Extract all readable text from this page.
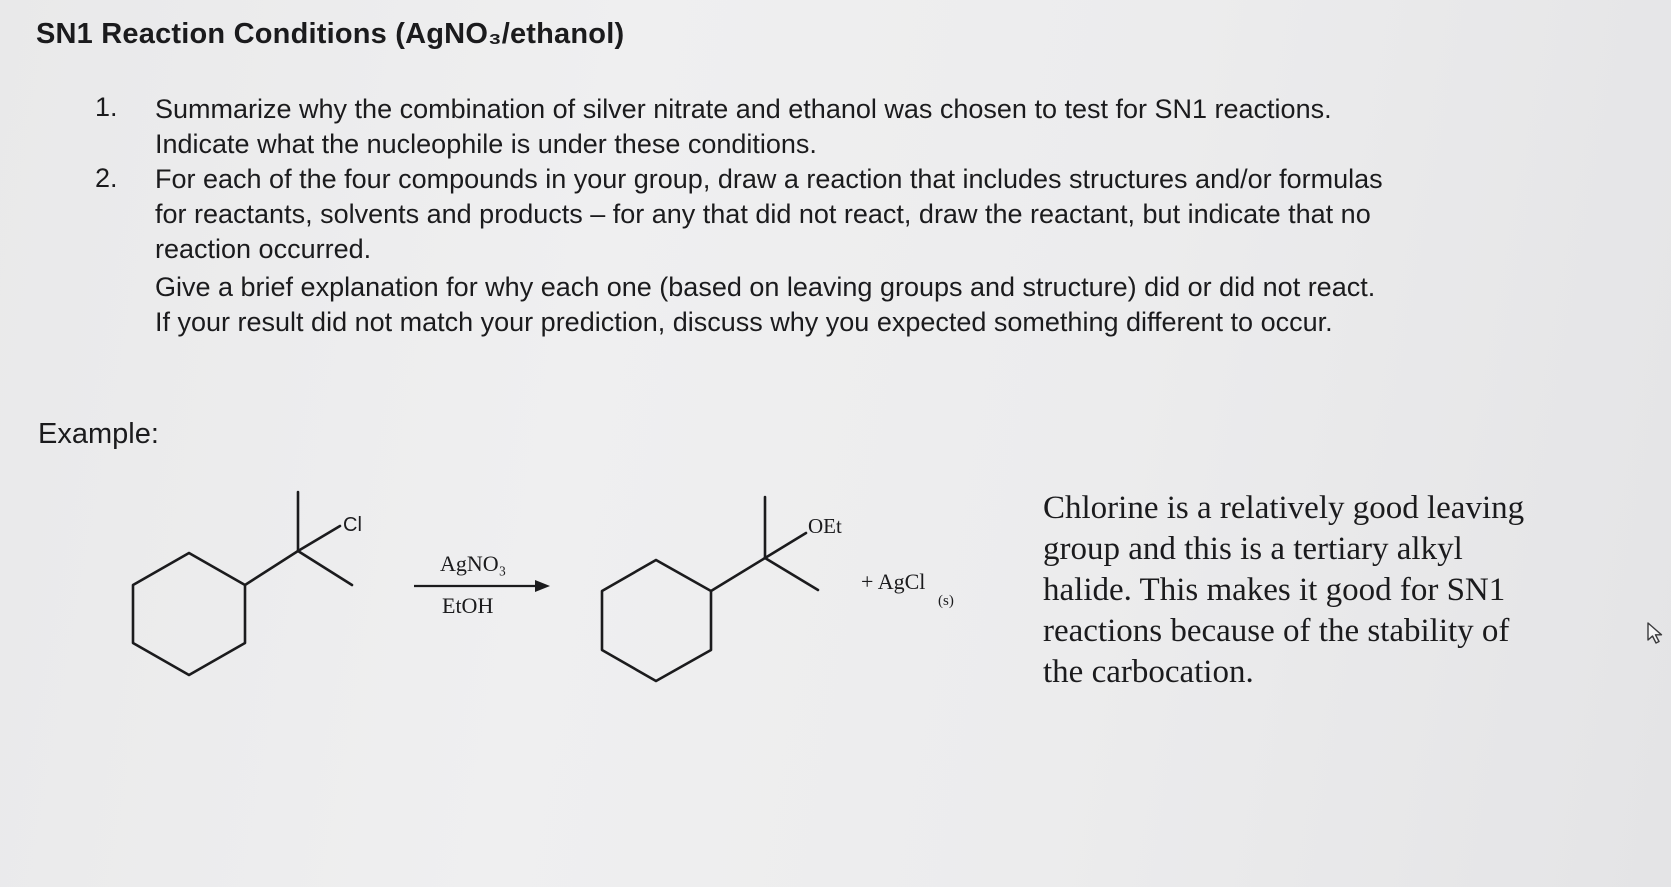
SN1 Reaction Conditions (AgNO₃/ethanol)
1. Summarize why the combination of silver nitrate and ethanol was chosen to test for SN1 reactions.
Indicate what the nucleophile is under these conditions.
2. For each of the four compounds in your group, draw a reaction that includes structures and/or formulas
for reactants, solvents and products – for any that did not react, draw the reactant, but indicate that no
reaction occurred.
Give a brief explanation for why each one (based on leaving groups and structure) did or did not react.
If your result did not match your prediction, discuss why you expected something different to occur.
Example:
Cl
AgNO₃
EtOH
OEt
+ AgCl
(s)
Chlorine is a relatively good leaving
group and this is a tertiary alkyl
halide. This makes it good for SN1
reactions because of the stability of
the carbocation.
